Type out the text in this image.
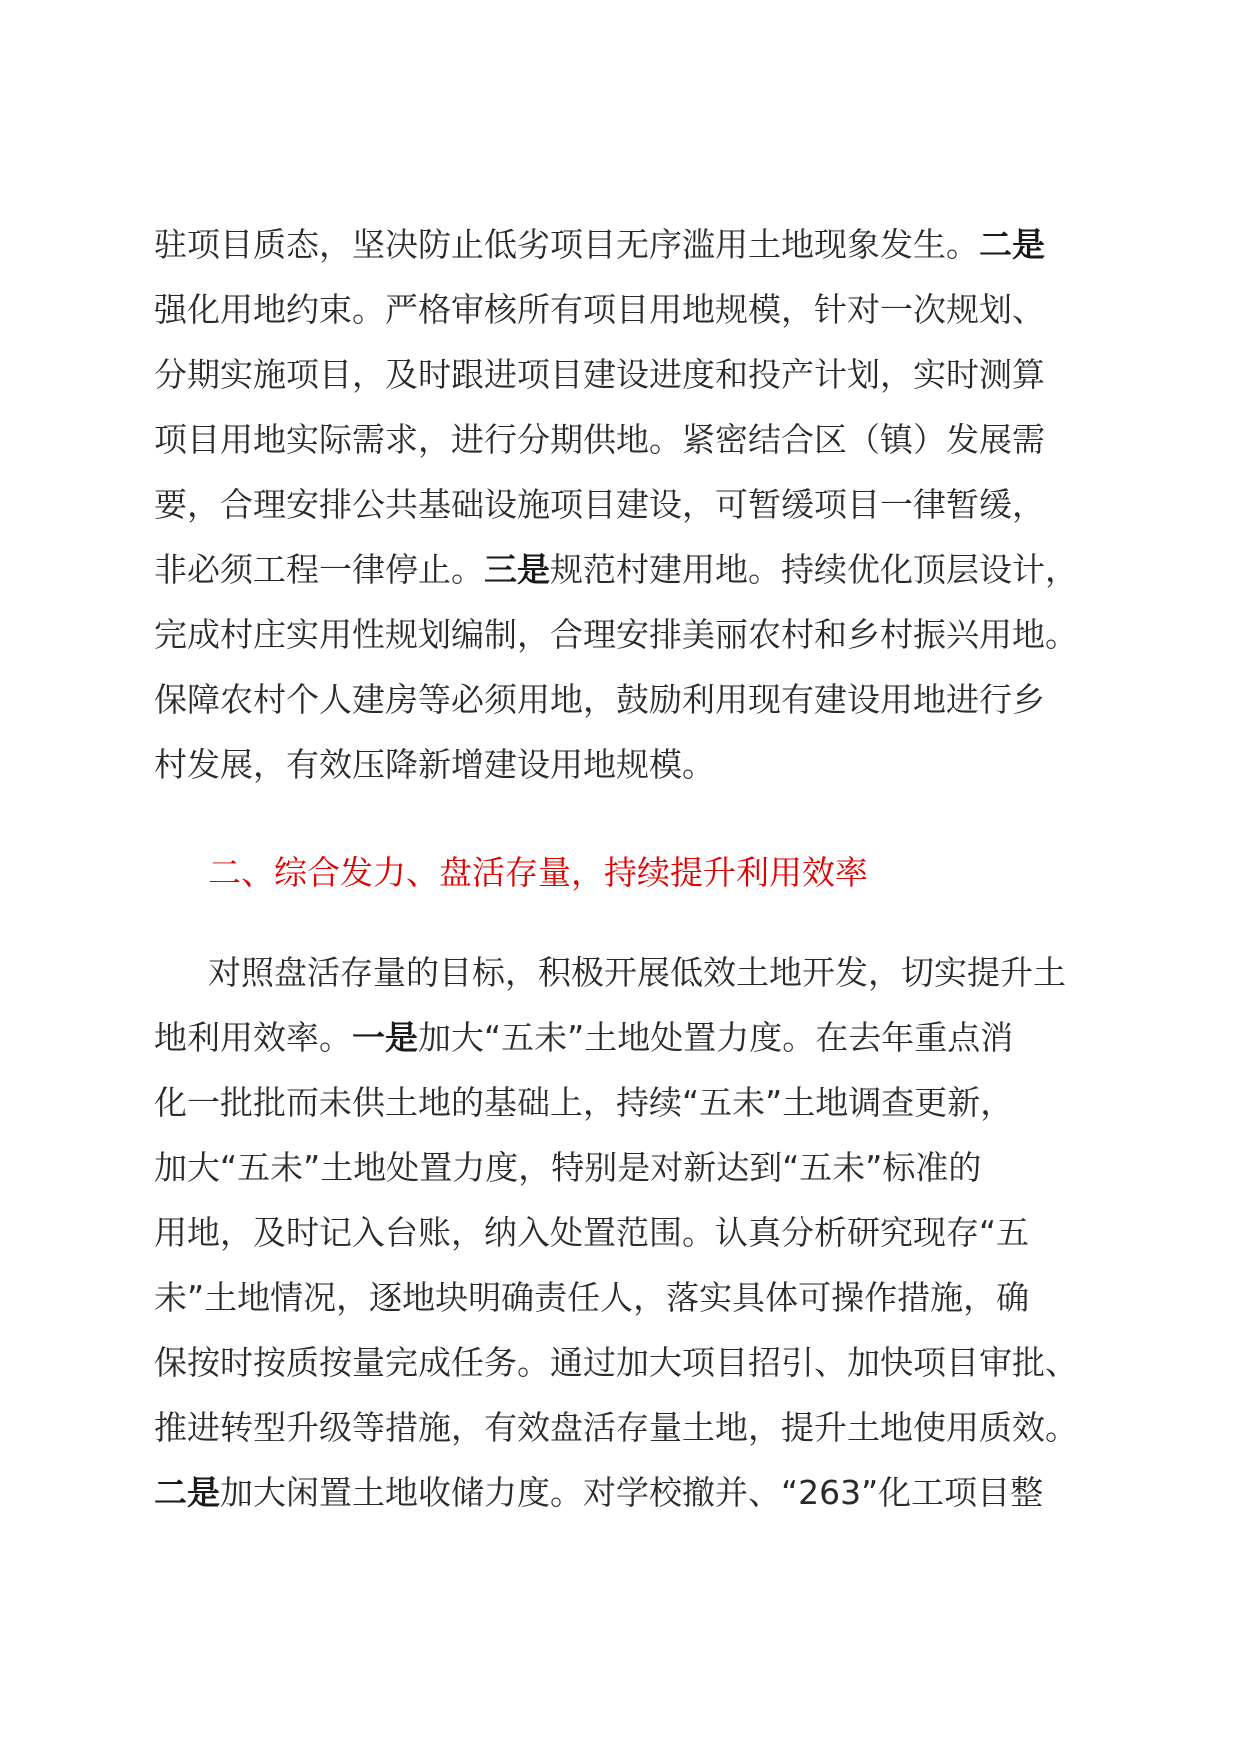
驻项目质态，坚决防止低劣项目无序滥用土地现象发生。二是
强化用地约束。严格审核所有项目用地规模，针对一次规划、
分期实施项目，及时跟进项目建设进度和投产计划，实时测算
项目用地实际需求，进行分期供地。紧密结合区（镇）发展需
要，合理安排公共基础设施项目建设，可暂缓项目一律暂缓，
非必须工程一律停止。三是规范村建用地。持续优化顶层设计，
完成村庄实用性规划编制，合理安排美丽农村和乡村振兴用地。
保障农村个人建房等必须用地，鼓励利用现有建设用地进行乡
村发展，有效压降新增建设用地规模。
二、综合发力、盘活存量，持续提升利用效率
对照盘活存量的目标，积极开展低效土地开发，切实提升土
地利用效率。一是加大“五未”土地处置力度。在去年重点消
化一批批而未供土地的基础上，持续“五未”土地调查更新，
加大“五未”土地处置力度，特别是对新达到“五未”标准的
用地，及时记入台账，纳入处置范围。认真分析研究现存“五
未”土地情况，逐地块明确责任人，落实具体可操作措施，确
保按时按质按量完成任务。通过加大项目招引、加快项目审批、
推进转型升级等措施，有效盘活存量土地，提升土地使用质效。
二是加大闲置土地收储力度。对学校撤并、“263”化工项目整
